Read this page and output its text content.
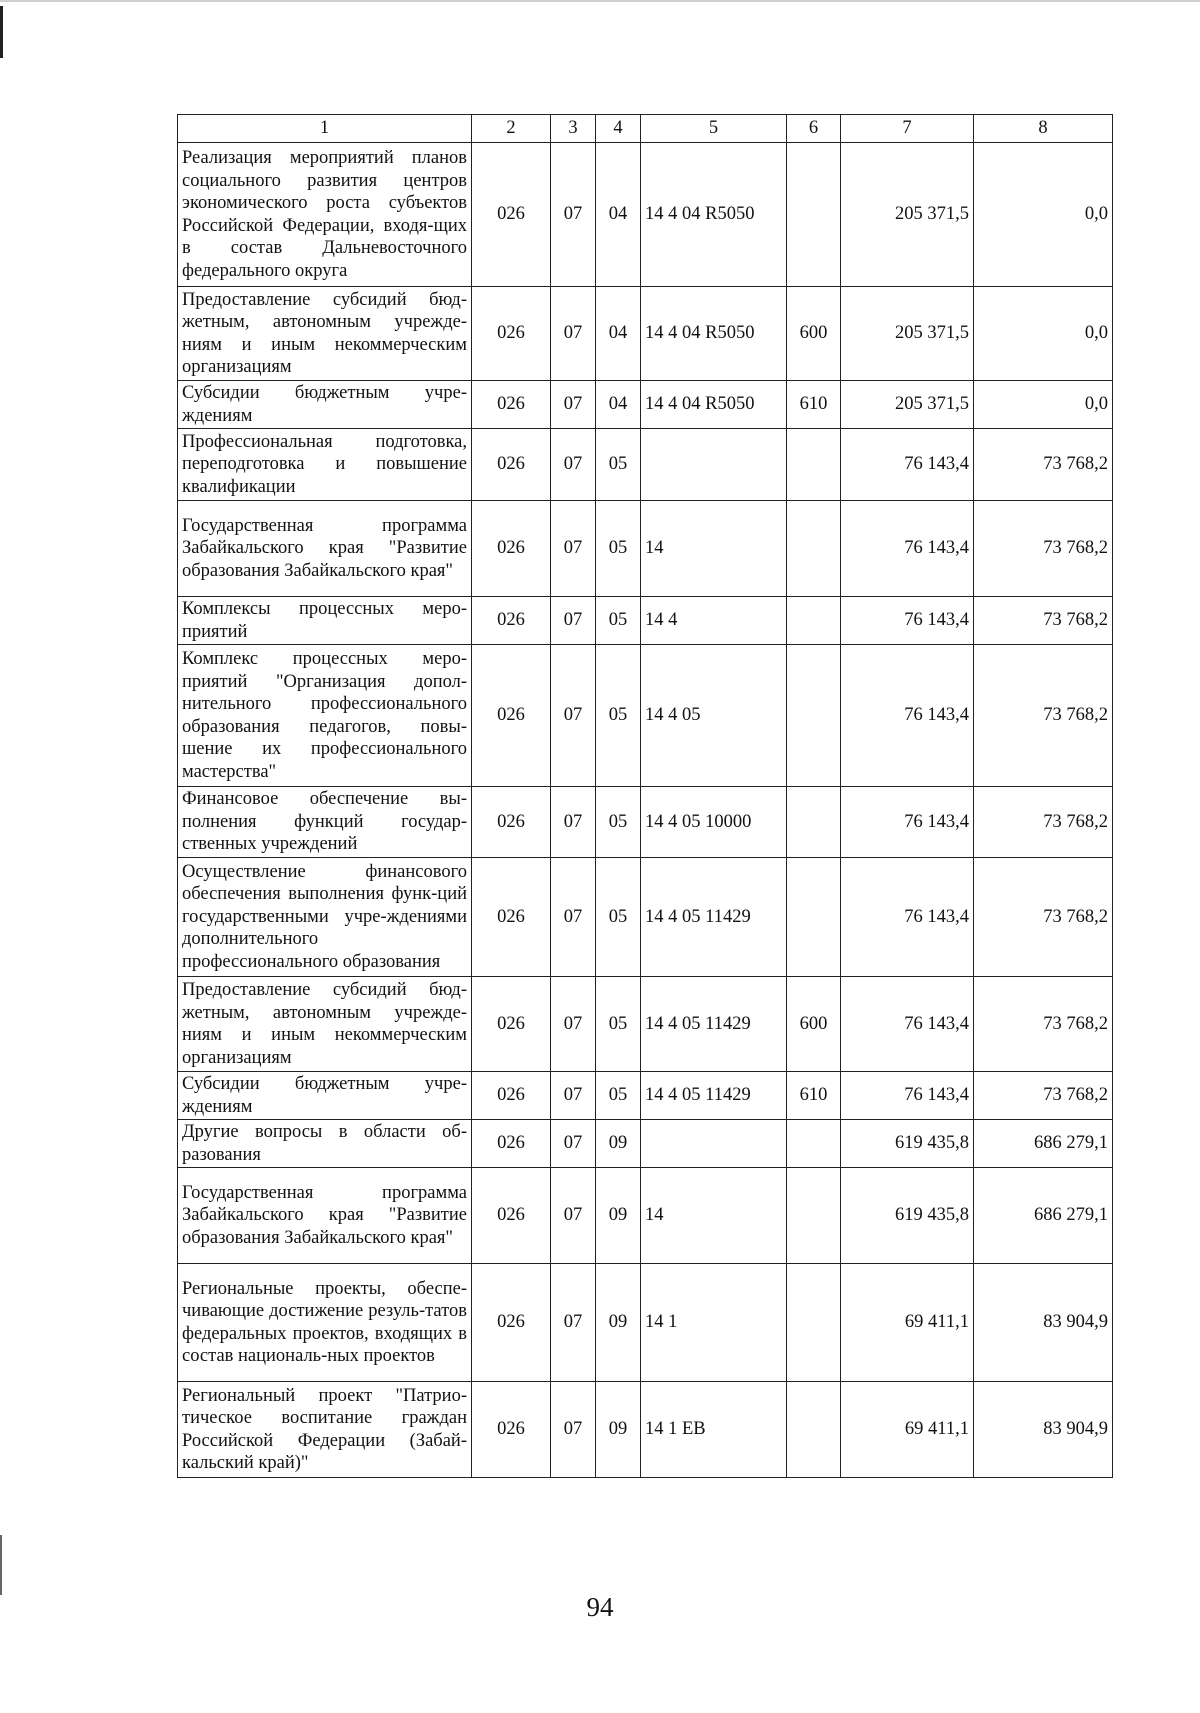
1	2	3	4	5	6	7	8
Реализация мероприятий планов социального развития центров экономического роста субъектов Российской Федерации, входя-щих в состав Дальневосточного федерального округа	026	07	04	14 4 04 R5050		205 371,5	0,0
Предоставление субсидий бюд-жетным, автономным учрежде-ниям и иным некоммерческим организациям	026	07	04	14 4 04 R5050	600	205 371,5	0,0
Субсидии бюджетным учре-ждениям	026	07	04	14 4 04 R5050	610	205 371,5	0,0
Профессиональная подготовка, переподготовка и повышение квалификации	026	07	05			76 143,4	73 768,2
Государственная программа Забайкальского края "Развитие образования Забайкальского края"	026	07	05	14		76 143,4	73 768,2
Комплексы процессных меро-приятий	026	07	05	14 4		76 143,4	73 768,2
Комплекс процессных меро-приятий "Организация допол-нительного профессионального образования педагогов, повы-шение их профессионального мастерства"	026	07	05	14 4 05		76 143,4	73 768,2
Финансовое обеспечение вы-полнения функций государ-ственных учреждений	026	07	05	14 4 05 10000		76 143,4	73 768,2
Осуществление финансового обеспечения выполнения функ-ций государственными учре-ждениями дополнительного профессионального образования	026	07	05	14 4 05 11429		76 143,4	73 768,2
Предоставление субсидий бюд-жетным, автономным учрежде-ниям и иным некоммерческим организациям	026	07	05	14 4 05 11429	600	76 143,4	73 768,2
Субсидии бюджетным учре-ждениям	026	07	05	14 4 05 11429	610	76 143,4	73 768,2
Другие вопросы в области об-разования	026	07	09			619 435,8	686 279,1
Государственная программа Забайкальского края "Развитие образования Забайкальского края"	026	07	09	14		619 435,8	686 279,1
Региональные проекты, обеспе-чивающие достижение резуль-татов федеральных проектов, входящих в состав националь-ных проектов	026	07	09	14 1		69 411,1	83 904,9
Региональный проект "Патрио-тическое воспитание граждан Российской Федерации (Забай-кальский край)"	026	07	09	14 1 EB		69 411,1	83 904,9
94
